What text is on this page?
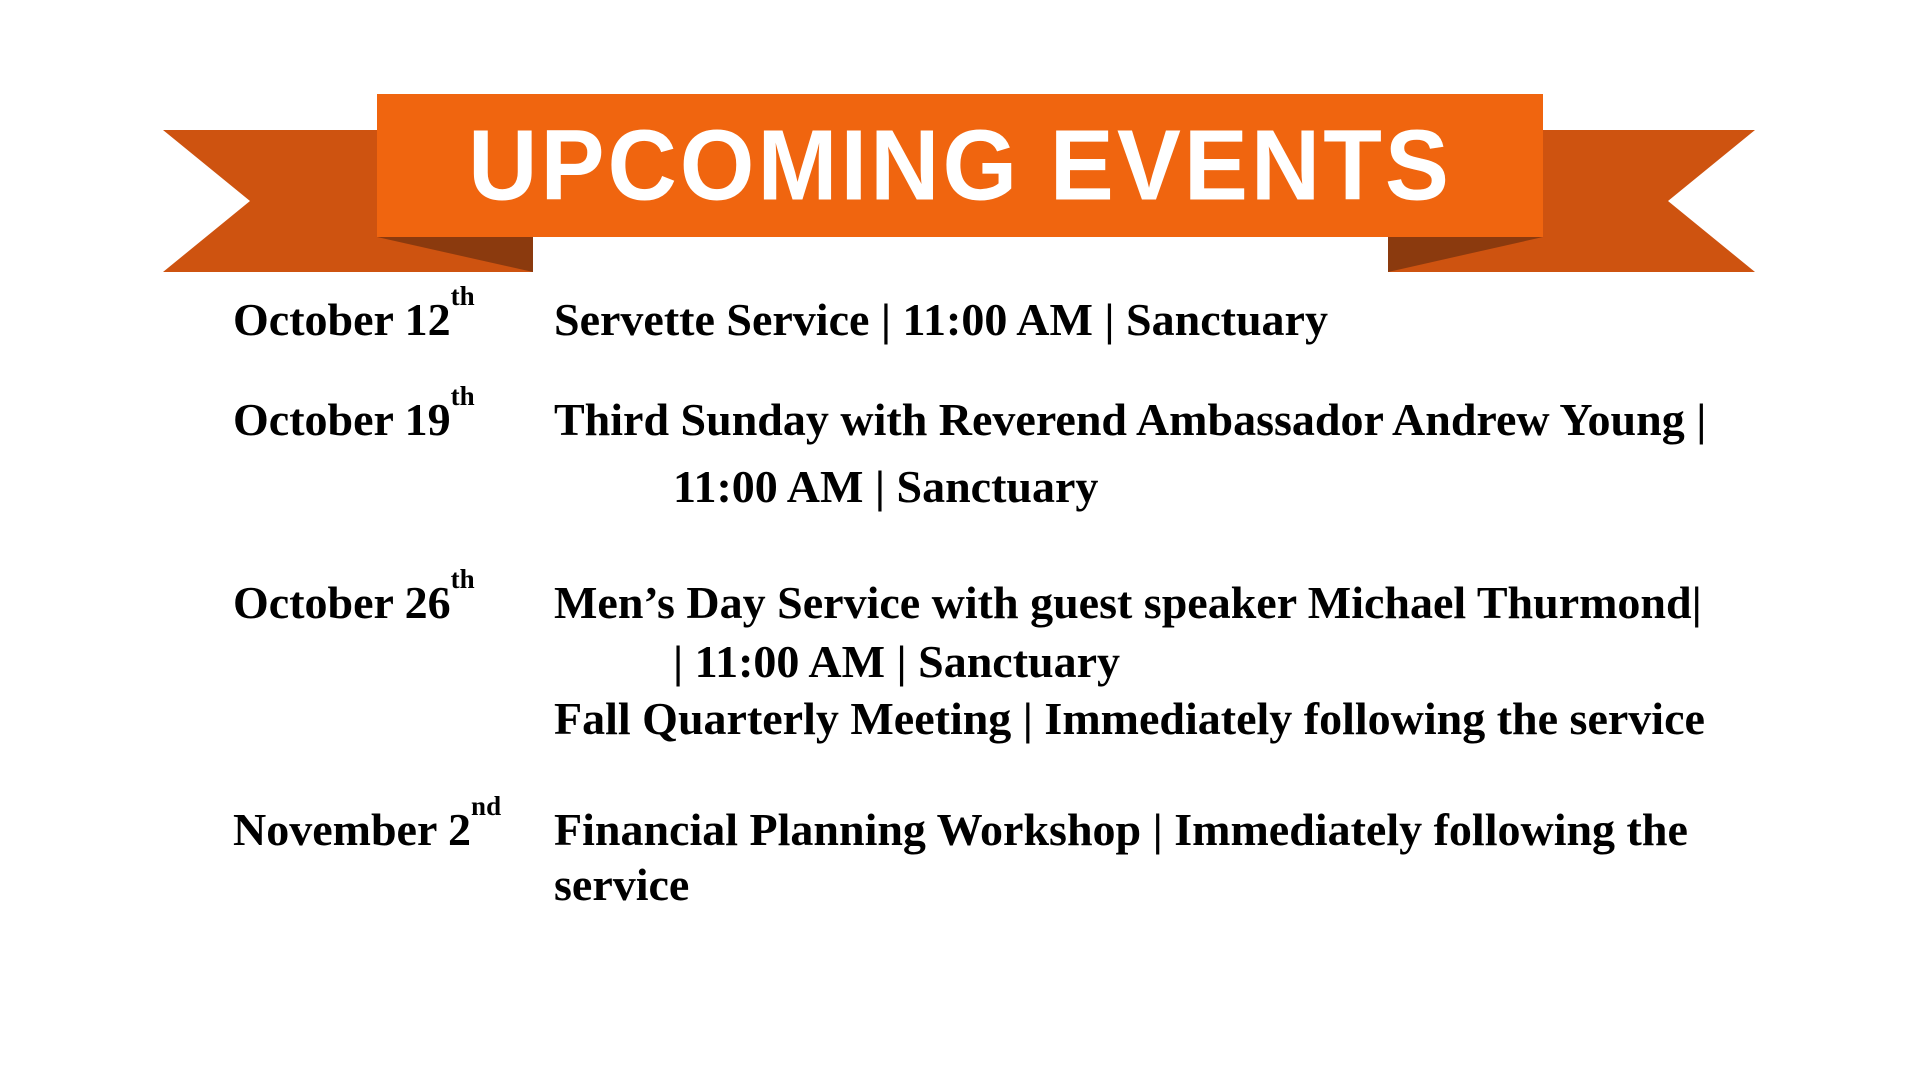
UPCOMING EVENTS
October 12th Servette Service | 11:00 AM | Sanctuary
October 19th Third Sunday with Reverend Ambassador Andrew Young |
11:00 AM | Sanctuary
October 26th Men’s Day Service with guest speaker Michael Thurmond|
| 11:00 AM | Sanctuary
Fall Quarterly Meeting | Immediately following the service
November 2nd Financial Planning Workshop | Immediately following the
service
